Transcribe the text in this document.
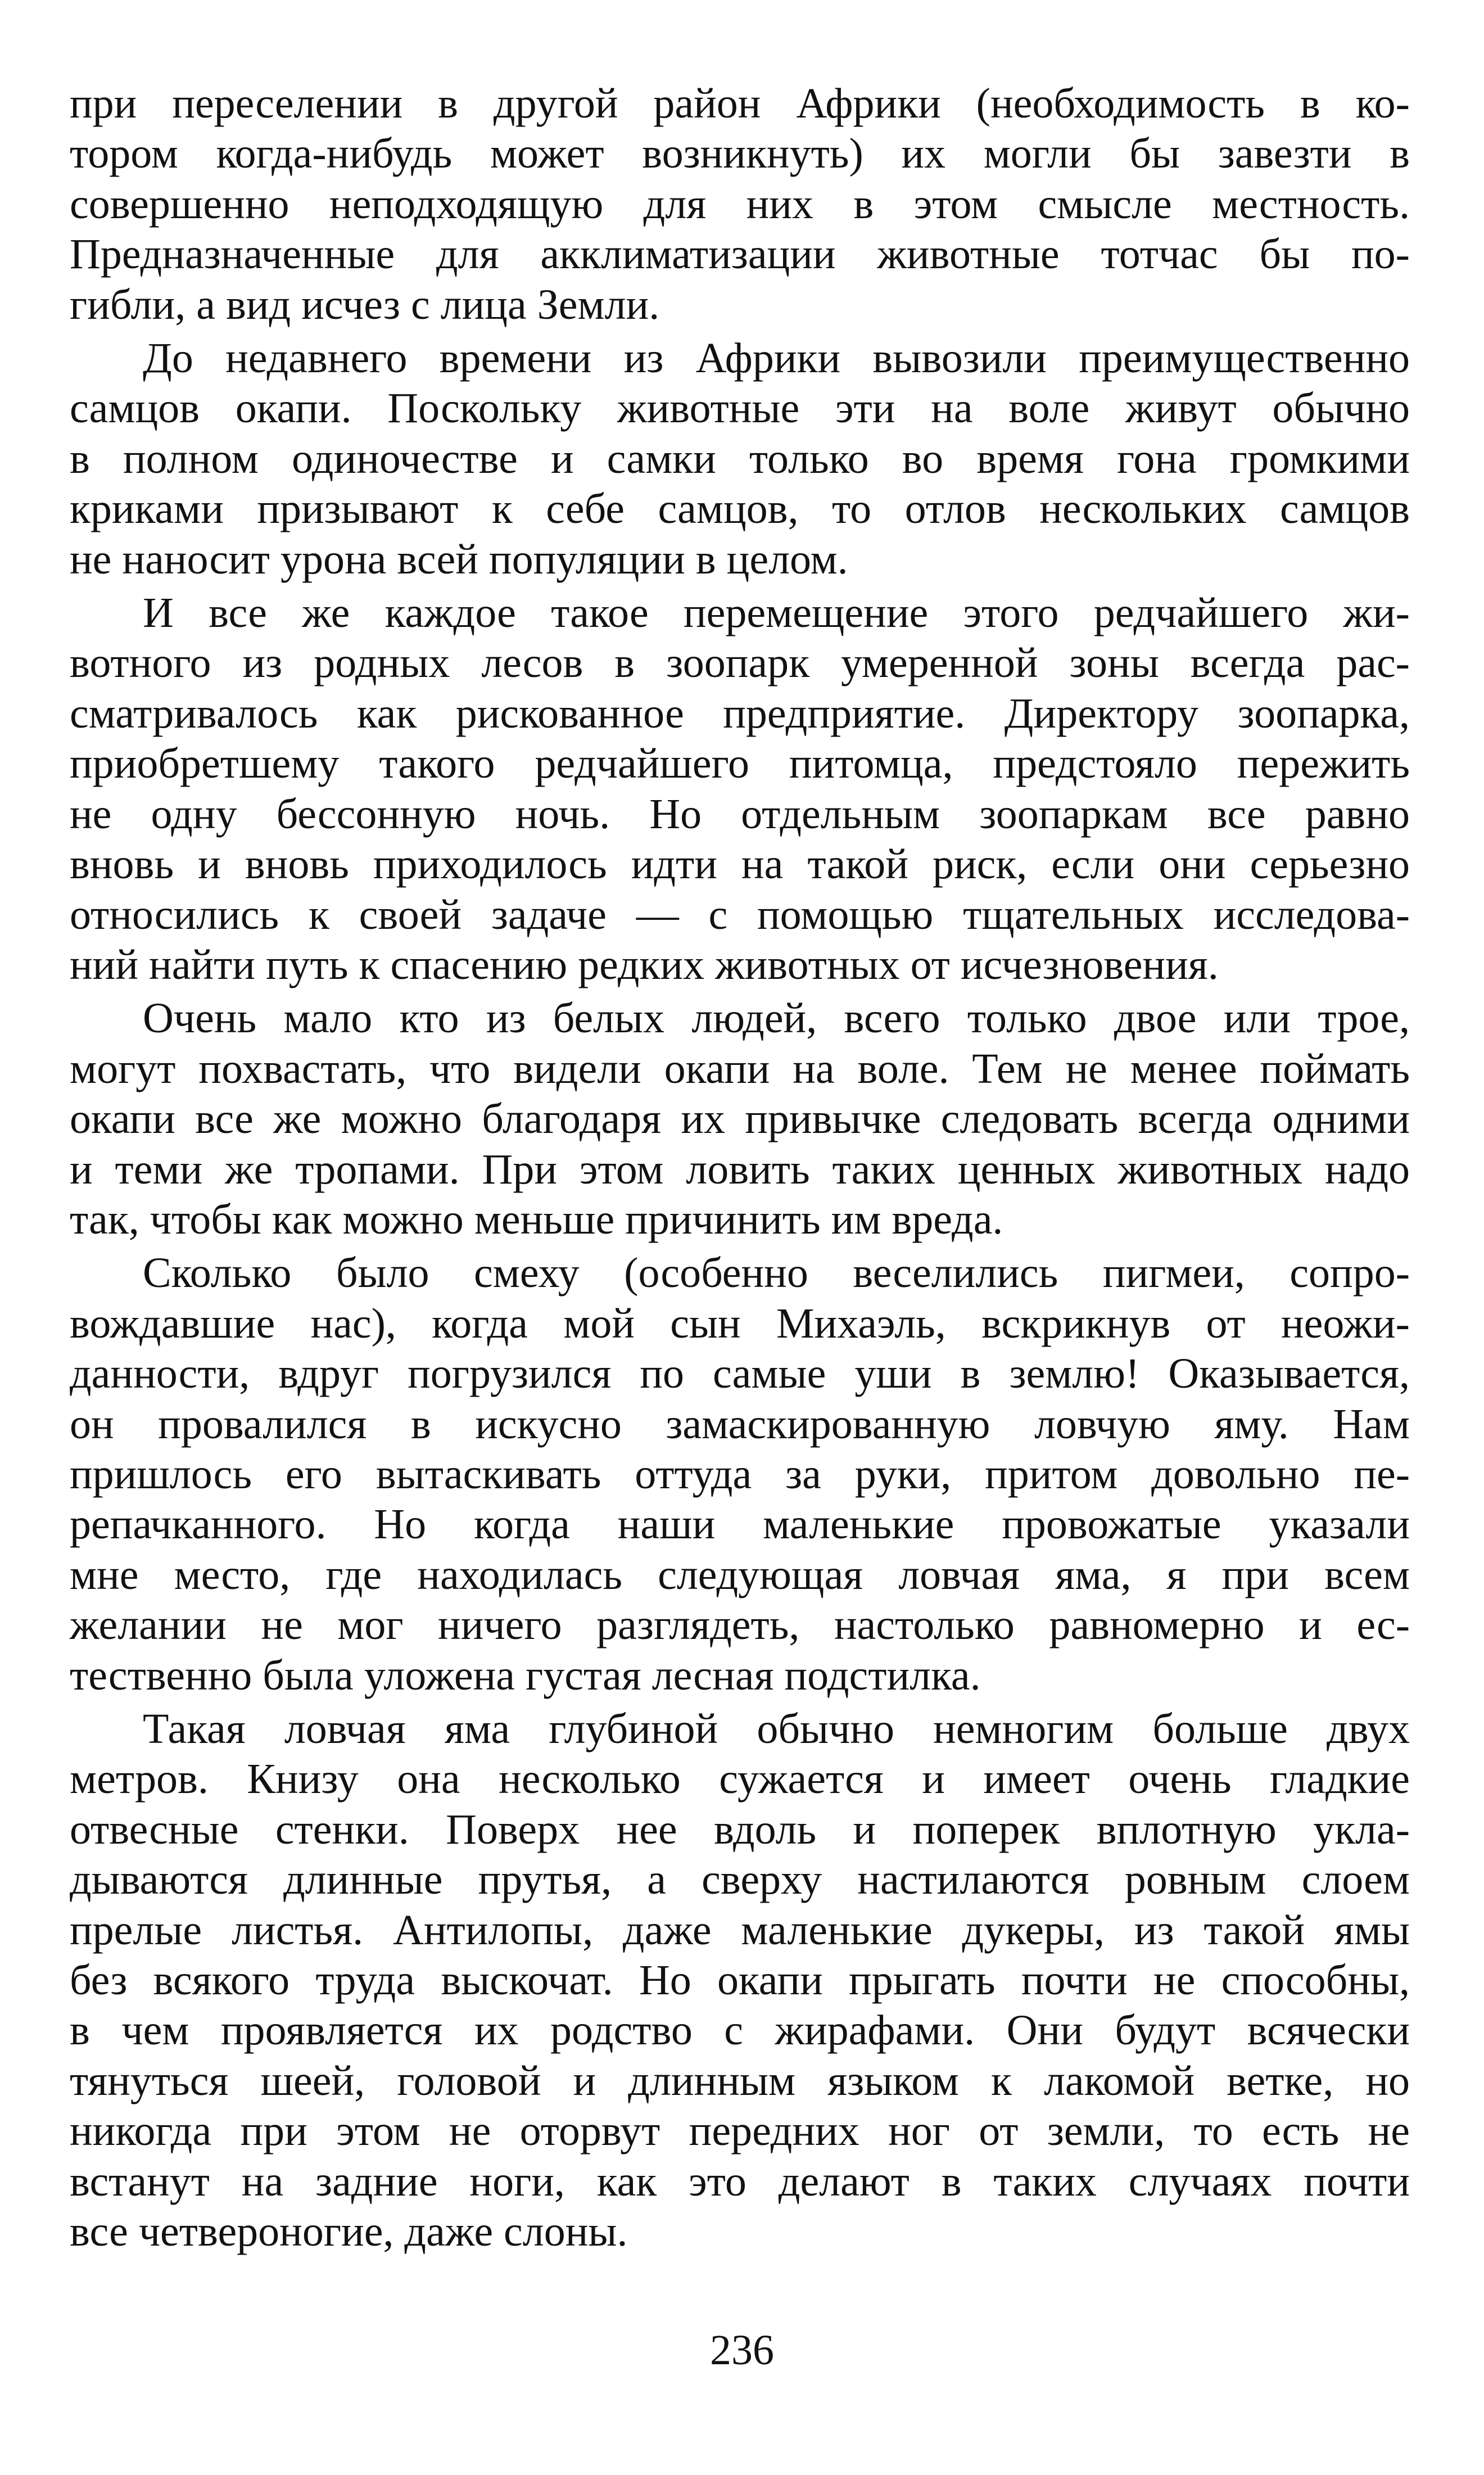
при переселении в другой район Африки (необходимость в ко-
тором когда-нибудь может возникнуть) их могли бы завезти в
совершенно неподходящую для них в этом смысле местность.
Предназначенные для акклиматизации животные тотчас бы по-
гибли, а вид исчез с лица Земли.

До недавнего времени из Африки вывозили преимущественно
самцов окапи. Поскольку животные эти на воле живут обычно
в полном одиночестве и самки только во время гона громкими
криками призывают к себе самцов, то отлов нескольких самцов
не наносит урона всей популяции в целом.

И все же каждое такое перемещение этого редчайшего жи-
вотного из родных лесов в зоопарк умеренной зоны всегда рас-
сматривалось как рискованное предприятие. Директору зоопарка,
приобретшему такого редчайшего питомца, предстояло пережить
не одну бессонную ночь. Но отдельным зоопаркам все равно
вновь и вновь приходилось идти на такой риск, если они серьезно
относились к своей задаче — с помощью тщательных исследова-
ний найти путь к спасению редких животных от исчезновения.

Очень мало кто из белых людей, всего только двое или трое,
могут похвастать, что видели окапи на воле. Тем не менее поймать
окапи все же можно благодаря их привычке следовать всегда одними
и теми же тропами. При этом ловить таких ценных животных надо
так, чтобы как можно меньше причинить им вреда.

Сколько было смеху (особенно веселились пигмеи, сопро-
вождавшие нас), когда мой сын Михаэль, вскрикнув от неожи-
данности, вдруг погрузился по самые уши в землю! Оказывается,
он провалился в искусно замаскированную ловчую яму. Нам
пришлось его вытаскивать оттуда за руки, притом довольно пе-
репачканного. Но когда наши маленькие провожатые указали
мне место, где находилась следующая ловчая яма, я при всем
желании не мог ничего разглядеть, настолько равномерно и ес-
тественно была уложена густая лесная подстилка.

Такая ловчая яма глубиной обычно немногим больше двух
метров. Книзу она несколько сужается и имеет очень гладкие
отвесные стенки. Поверх нее вдоль и поперек вплотную укла-
дываются длинные прутья, а сверху настилаются ровным слоем
прелые листья. Антилопы, даже маленькие дукеры, из такой ямы
без всякого труда выскочат. Но окапи прыгать почти не способны,
в чем проявляется их родство с жирафами. Они будут всячески
тянуться шеей, головой и длинным языком к лакомой ветке, но
никогда при этом не оторвут передних ног от земли, то есть не
встанут на задние ноги, как это делают в таких случаях почти
все четвероногие, даже слоны.

236
